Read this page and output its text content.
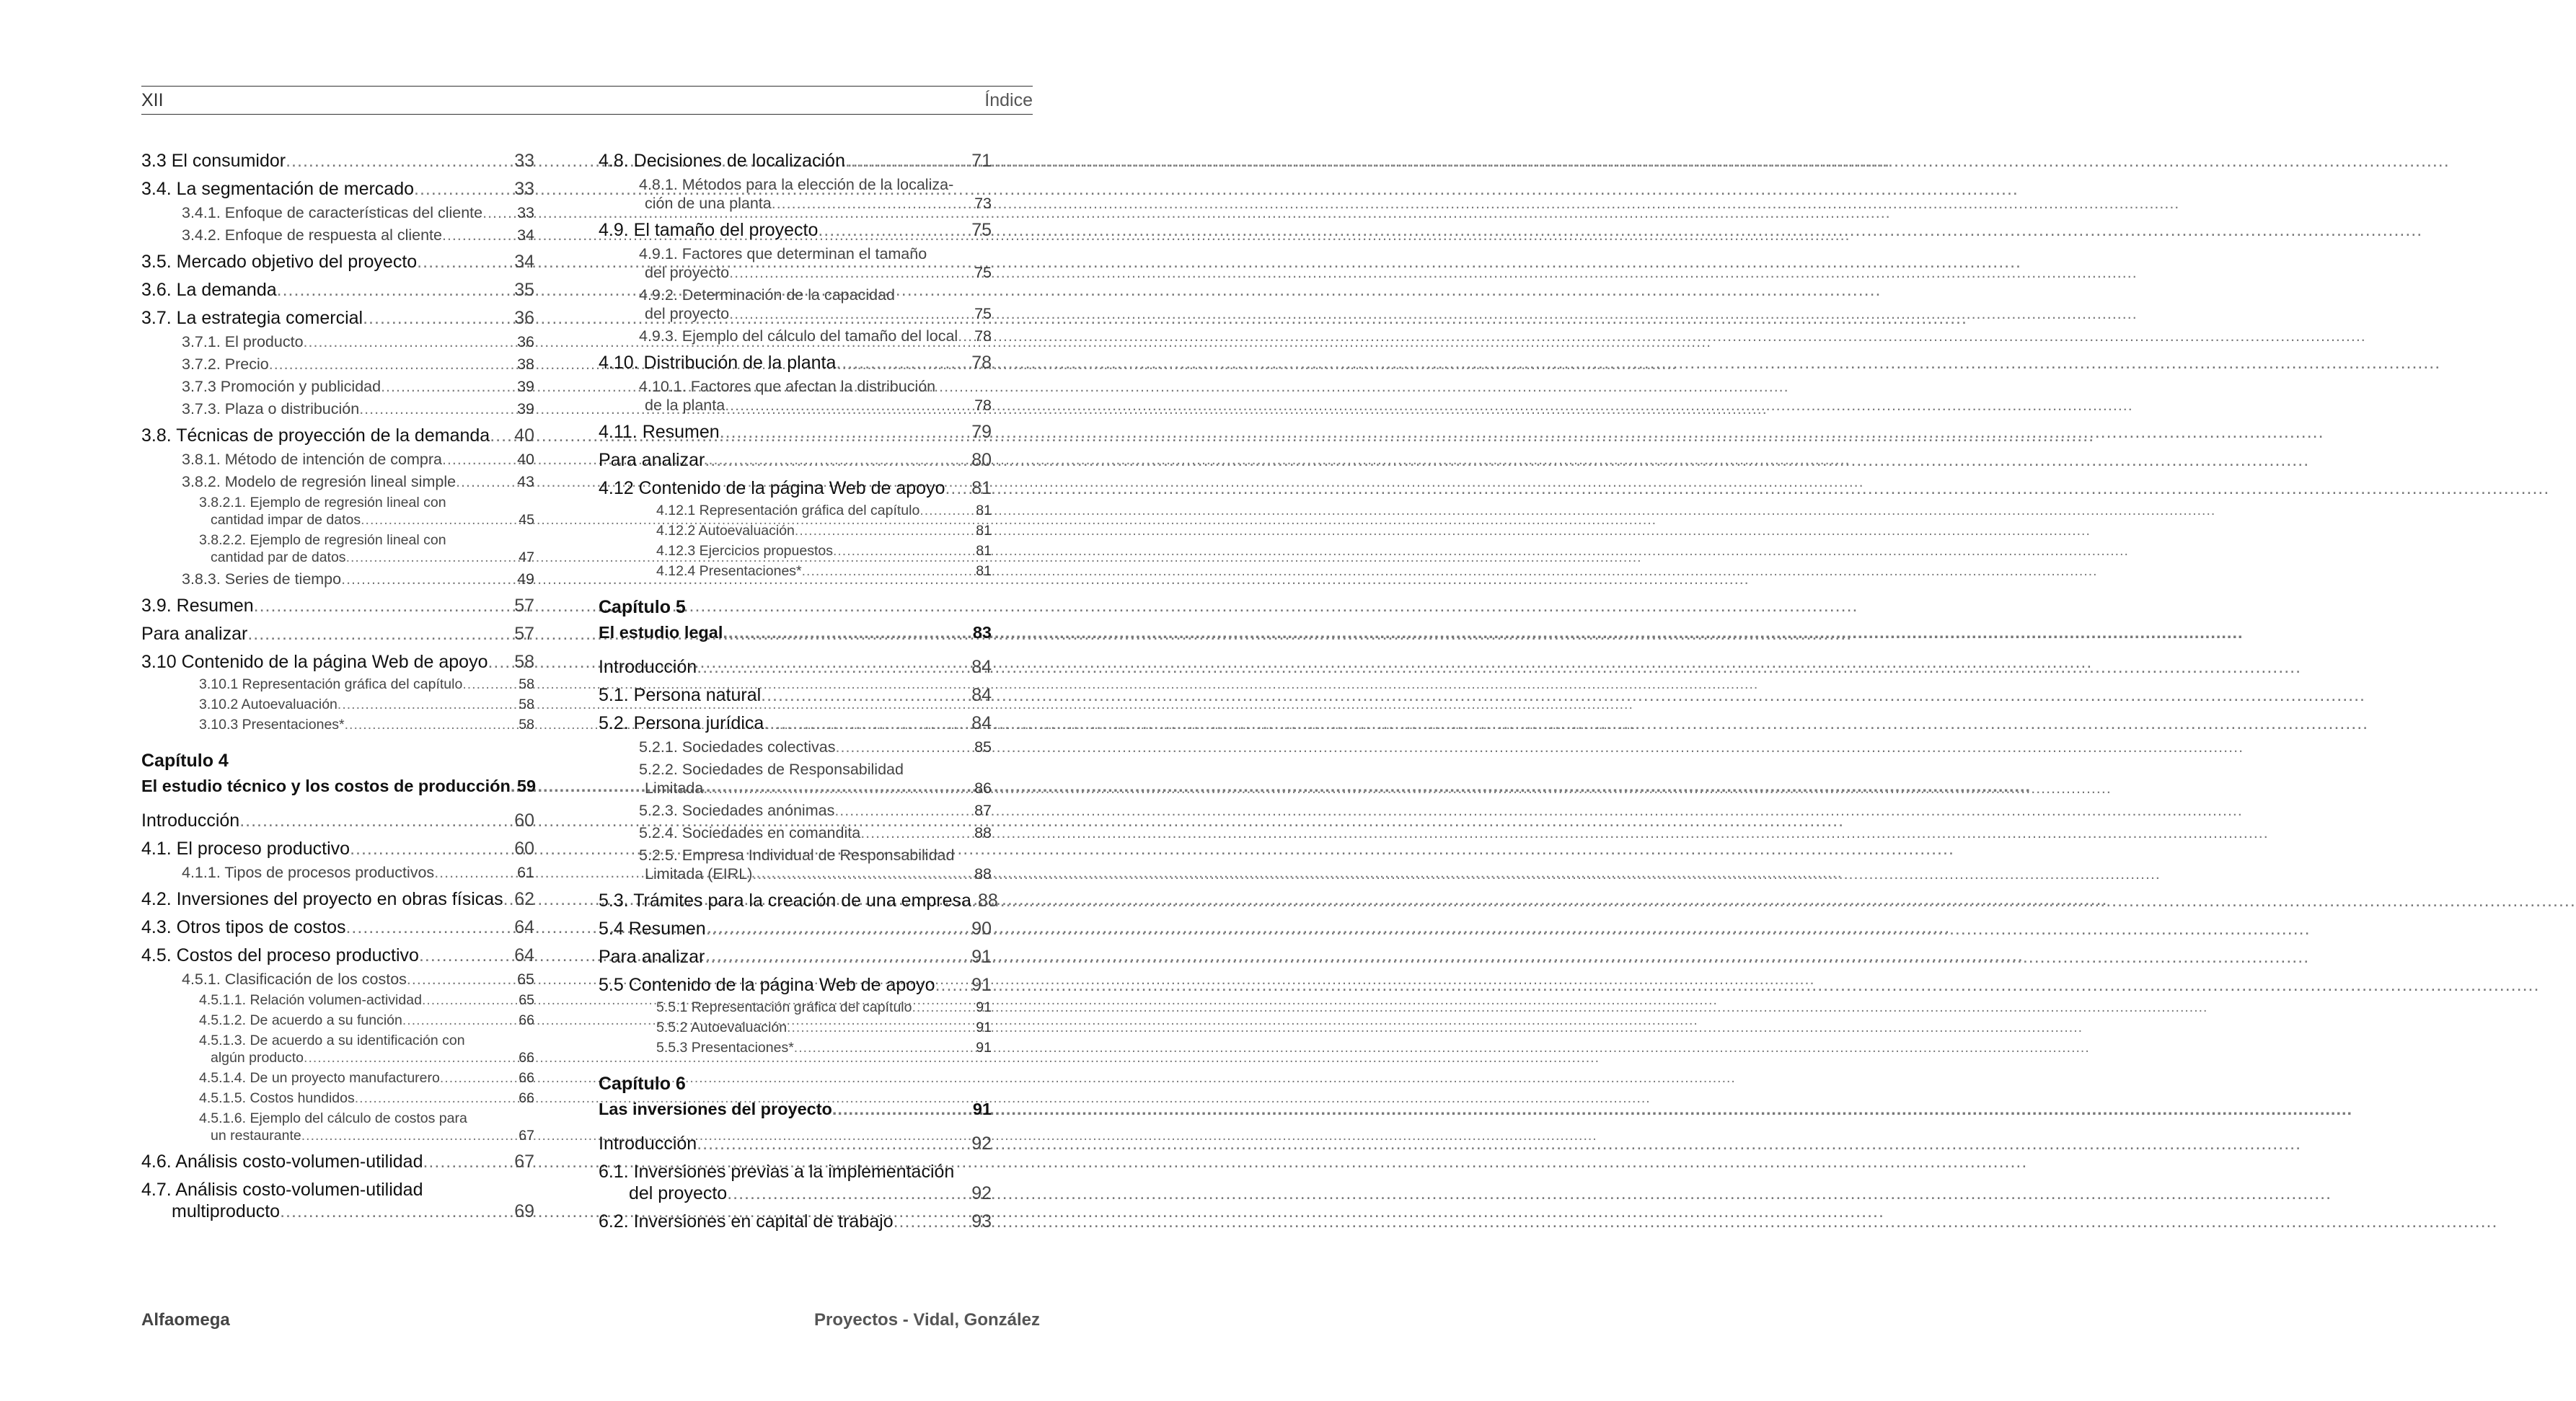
XII	Índice
3.3 El consumidor .....	33
3.4. La segmentación de mercado .....	33
3.4.1. Enfoque de características del cliente ..... 33
3.4.2. Enfoque de respuesta al cliente .....	34
3.5. Mercado objetivo del proyecto .....	34
3.6. La demanda .....	35
3.7. La estrategia comercial .....	36
3.7.1. El producto .....	36
3.7.2. Precio .....	38
3.7.3 Promoción y publicidad .....	39
3.7.3. Plaza o distribución .....	39
3.8. Técnicas de proyección de la demanda ..... 40
3.8.1. Método de intención de compra .....	40
3.8.2. Modelo de regresión lineal simple .....	43
3.8.2.1. Ejemplo de regresión lineal con
cantidad impar de datos .....	45
3.8.2.2. Ejemplo de regresión lineal con
cantidad par de datos .....	47
3.8.3. Series de tiempo .....	49
3.9. Resumen .....	57
Para analizar .....	57
3.10 Contenido de la página Web de apoyo ..... 58
3.10.1 Representación gráfica del capítulo .....	58
3.10.2 Autoevaluación .....	58
3.10.3 Presentaciones* .....	58
Capítulo 4
El estudio técnico y los costos de producción ..... 59
Introducción .....	60
4.1. El proceso productivo .....	60
4.1.1. Tipos de procesos productivos .....	61
4.2. Inversiones del proyecto en obras físicas ..... 62
4.3. Otros tipos de costos .....	64
4.5. Costos del proceso productivo .....	64
4.5.1. Clasificación de los costos .....	65
4.5.1.1. Relación volumen-actividad .....	65
4.5.1.2. De acuerdo a su función .....	66
4.5.1.3. De acuerdo a su identificación con
algún producto .....	66
4.5.1.4. De un proyecto manufacturero .....	66
4.5.1.5. Costos hundidos .....	66
4.5.1.6. Ejemplo del cálculo de costos para
un restaurante .....	67
4.6. Análisis costo-volumen-utilidad .....	67
4.7. Análisis costo-volumen-utilidad
multiproducto .....	69
4.8. Decisiones de localización .....	71
4.8.1. Métodos para la elección de la localiza-
ción de una planta .....	73
4.9. El tamaño del proyecto .....	75
4.9.1. Factores que determinan el tamaño
del proyecto .....	75
4.9.2. Determinación de la capacidad
del proyecto .....	75
4.9.3. Ejemplo del cálculo del tamaño del local ..... 78
4.10. Distribución de la planta .....	78
4.10.1. Factores que afectan la distribución
de la planta .....	78
4.11. Resumen .....	79
Para analizar .....	80
4.12 Contenido de la página Web de apoyo ..... 81
4.12.1 Representación gráfica del capítulo .....	81
4.12.2 Autoevaluación .....	81
4.12.3 Ejercicios propuestos .....	81
4.12.4 Presentaciones* .....	81
Capítulo 5
El estudio legal .....	83
Introducción .....	84
5.1. Persona natural .....	84
5.2. Persona jurídica .....	84
5.2.1. Sociedades colectivas .....	85
5.2.2. Sociedades de Responsabilidad
Limitada .....	86
5.2.3. Sociedades anónimas .....	87
5.2.4. Sociedades en comandita .....	88
5.2.5. Empresa Individual de Responsabilidad
Limitada (EIRL) .....	88
5.3. Trámites para la creación de una empresa ..... 88
5.4 Resumen .....	90
Para analizar .....	91
5.5 Contenido de la página Web de apoyo ..... 91
5.5.1 Representación gráfica del capítulo .....	91
5.5.2 Autoevaluación .....	91
5.5.3 Presentaciones* .....	91
Capítulo 6
Las inversiones del proyecto .....	91
Introducción .....	92
6.1. Inversiones previas a la implementación
del proyecto .....	92
6.2. Inversiones en capital de trabajo .....	93
Alfaomega	Proyectos - Vidal, González
